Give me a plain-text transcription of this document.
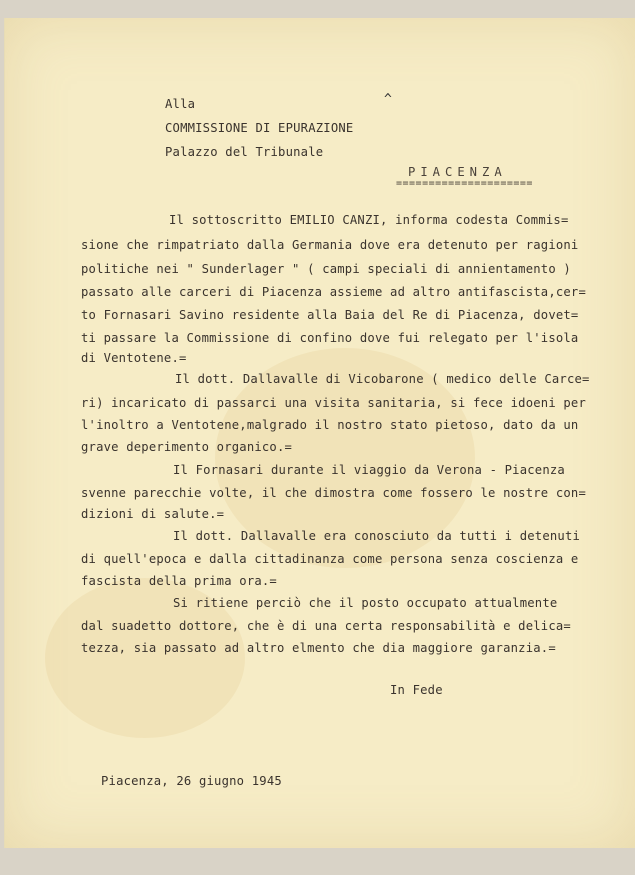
Alla	^
COMMISSIONE DI EPURAZIONE
Palazzo del Tribunale
PIACENZA
=====================
Il sottoscritto EMILIO CANZI, informa codesta Commis=
sione che rimpatriato dalla Germania dove era detenuto per ragioni
politiche nei " Sunderlager " ( campi speciali di annientamento )
passato alle carceri di Piacenza assieme ad altro antifascista,cer=
to Fornasari Savino residente alla Baia del Re di Piacenza, dovet=
ti passare la Commissione di confino dove fui relegato per l'isola
di Ventotene.=
Il dott. Dallavalle di Vicobarone ( medico delle Carce=
ri) incaricato di passarci una visita sanitaria, si fece idoeni per
l'inoltro a Ventotene,malgrado il nostro stato pietoso, dato da un
grave deperimento organico.=
Il Fornasari durante il viaggio da Verona - Piacenza
svenne parecchie volte, il che dimostra come fossero le nostre con=
dizioni di salute.=
Il dott. Dallavalle era conosciuto da tutti i detenuti
di quell'epoca e dalla cittadinanza come persona senza coscienza e
fascista della prima ora.=
Si ritiene perciò che il posto occupato attualmente
dal suadetto dottore, che è di una certa responsabilità e delica=
tezza, sia passato ad altro elmento che dia maggiore garanzia.=
In Fede
Piacenza, 26 giugno 1945
